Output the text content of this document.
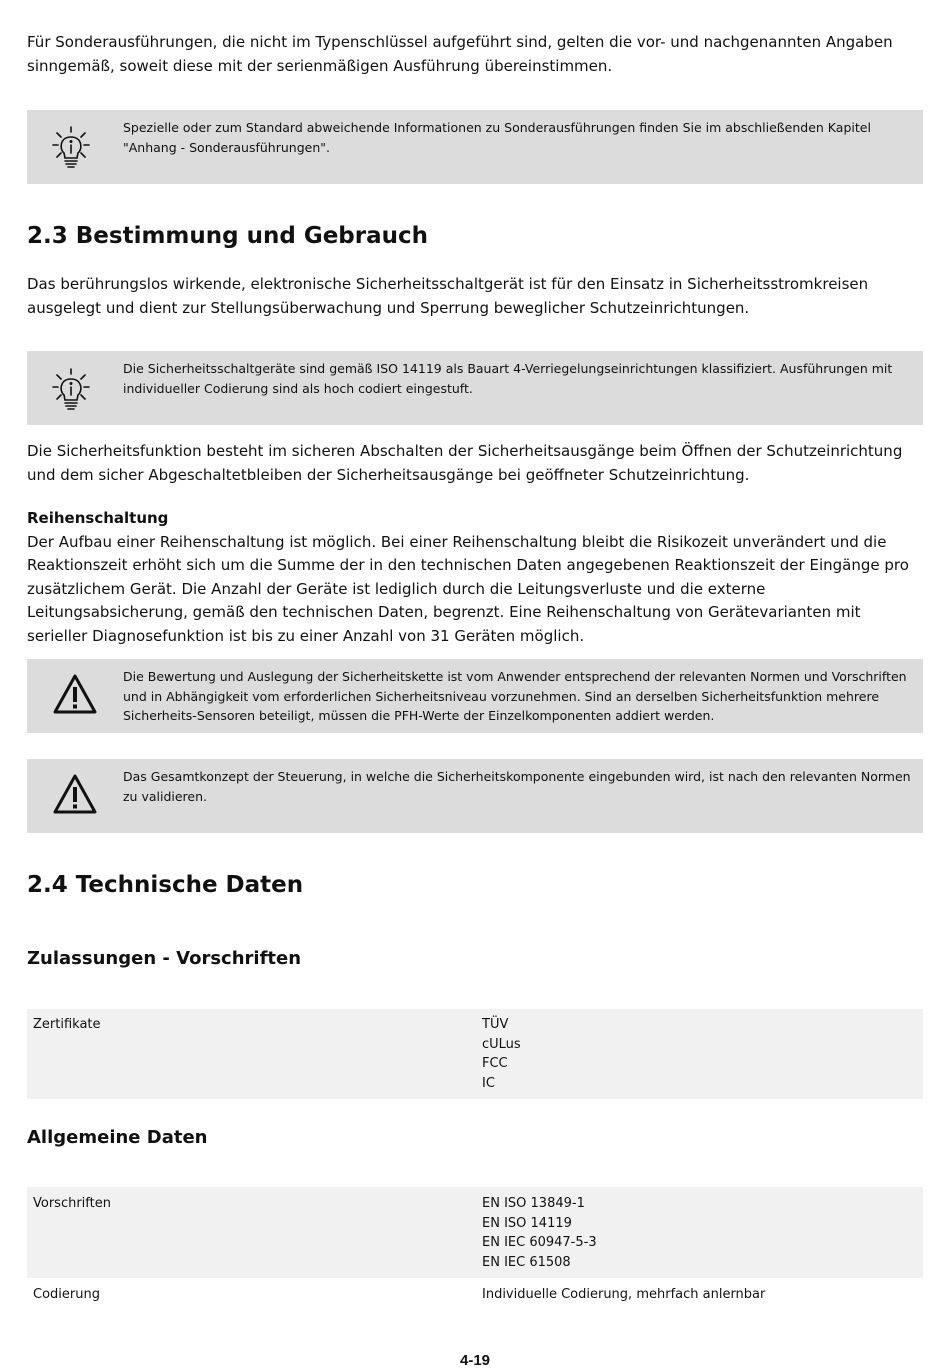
Für Sonderausführungen, die nicht im Typenschlüssel aufgeführt sind, gelten die vor- und nachgenannten Angaben sinngemäß, soweit diese mit der serienmäßigen Ausführung übereinstimmen.

Spezielle oder zum Standard abweichende Informationen zu Sonderausführungen finden Sie im abschließenden Kapitel "Anhang - Sonderausführungen".

2.3 Bestimmung und Gebrauch

Das berührungslos wirkende, elektronische Sicherheitsschaltgerät ist für den Einsatz in Sicherheitsstromkreisen ausgelegt und dient zur Stellungsüberwachung und Sperrung beweglicher Schutzeinrichtungen.

Die Sicherheitsschaltgeräte sind gemäß ISO 14119 als Bauart 4-Verriegelungseinrichtungen klassifiziert. Ausführungen mit individueller Codierung sind als hoch codiert eingestuft.

Die Sicherheitsfunktion besteht im sicheren Abschalten der Sicherheitsausgänge beim Öffnen der Schutzeinrichtung und dem sicher Abgeschaltetbleiben der Sicherheitsausgänge bei geöffneter Schutzeinrichtung.

Reihenschaltung

Der Aufbau einer Reihenschaltung ist möglich. Bei einer Reihenschaltung bleibt die Risikozeit unverändert und die Reaktionszeit erhöht sich um die Summe der in den technischen Daten angegebenen Reaktionszeit der Eingänge pro zusätzlichem Gerät. Die Anzahl der Geräte ist lediglich durch die Leitungsverluste und die externe Leitungsabsicherung, gemäß den technischen Daten, begrenzt. Eine Reihenschaltung von Gerätevarianten mit serieller Diagnosefunktion ist bis zu einer Anzahl von 31 Geräten möglich.

Die Bewertung und Auslegung der Sicherheitskette ist vom Anwender entsprechend der relevanten Normen und Vorschriften und in Abhängigkeit vom erforderlichen Sicherheitsniveau vorzunehmen. Sind an derselben Sicherheitsfunktion mehrere Sicherheits-Sensoren beteiligt, müssen die PFH-Werte der Einzelkomponenten addiert werden.

Das Gesamtkonzept der Steuerung, in welche die Sicherheitskomponente eingebunden wird, ist nach den relevanten Normen zu validieren.

2.4 Technische Daten
Zulassungen - Vorschriften
Zertifikate	TÜV
cULus
FCC
IC
Allgemeine Daten
Vorschriften	EN ISO 13849-1
EN ISO 14119
EN IEC 60947-5-3
EN IEC 61508
Codierung	Individuelle Codierung, mehrfach anlernbar
4-19
